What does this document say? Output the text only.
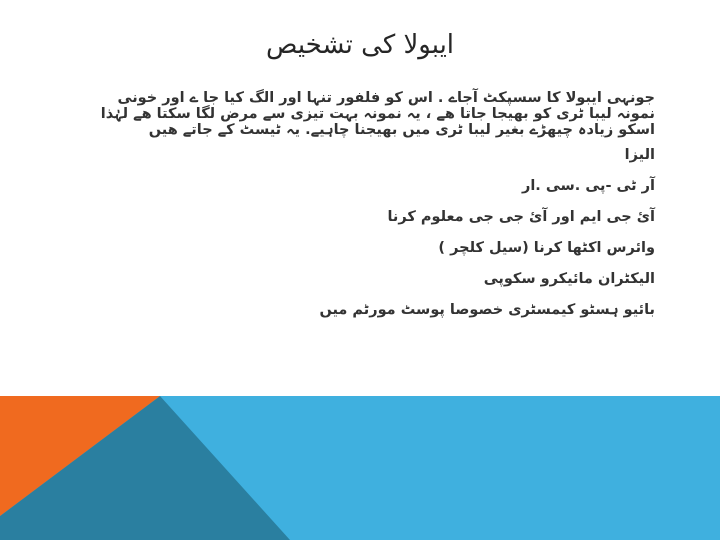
ایبولا کی تشخیص

جونہی ایبولا کا سسپکٹ آجاے . اس کو فلفور تنہا اور الگ کیا جا ے اور خونی نمونہ لیبا ٹری کو بھیجا جاتا ھے ، یہ نمونہ بہت تیزی سے مرض لگا سکتا ھے لہٰذا اسکو زیادہ چیھڑے بغیر لیبا ٹری میں بھیجنا چاہیے. یہ ٹیسٹ کے جاتے ھیں

الیزا

آر ٹی -پی .سی .ار

آئ جی ایم اور آئ جی جی معلوم کرنا

وائرس اکٹھا کرنا (سیل کلچر )

الیکٹران مائیکرو سکوپی

بائیو ہسٹو کیمسٹری خصوصا پوسٹ مورٹم میں
